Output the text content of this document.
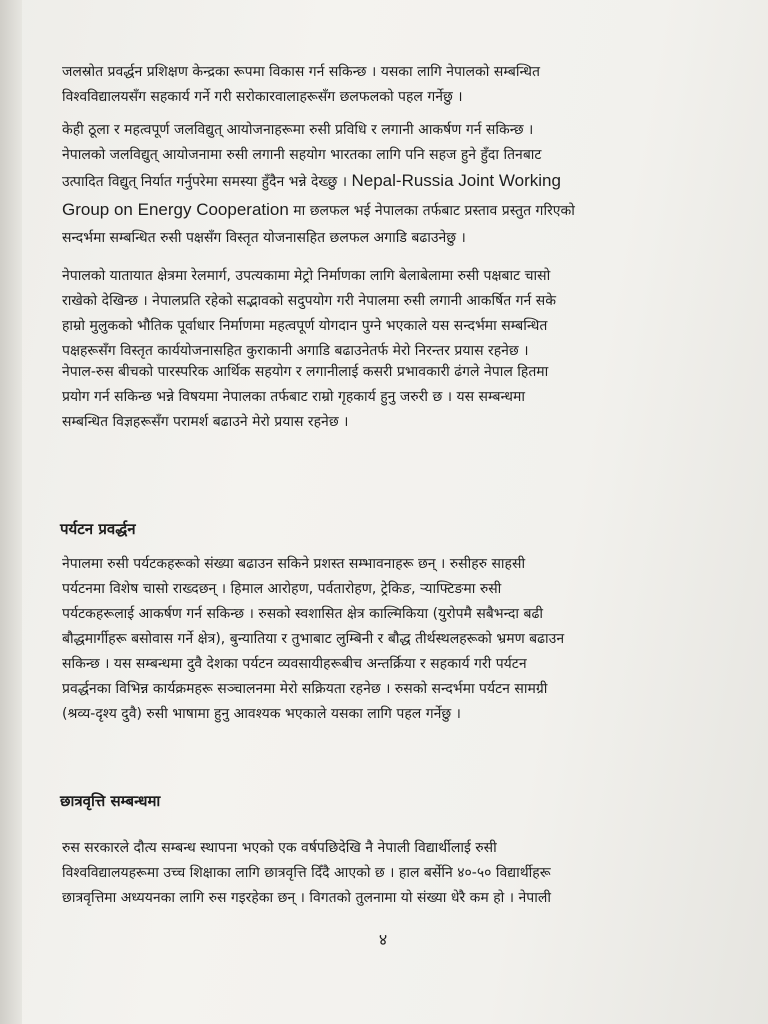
जलस्रोत प्रवर्द्धन प्रशिक्षण केन्द्रका रूपमा विकास गर्न सकिन्छ । यसका लागि नेपालको सम्बन्धित
विश्वविद्यालयसँग सहकार्य गर्ने गरी सरोकारवालाहरूसँग छलफलको पहल गर्नेछु ।
केही ठूला र महत्वपूर्ण जलविद्युत् आयोजनाहरूमा रुसी प्रविधि र लगानी आकर्षण गर्न सकिन्छ ।
नेपालको जलविद्युत् आयोजनामा रुसी लगानी सहयोग भारतका लागि पनि सहज हुने हुँदा तिनबाट
उत्पादित विद्युत् निर्यात गर्नुपरेमा समस्या हुँदैन भन्ने देख्छु । Nepal-Russia Joint Working
Group on Energy Cooperation मा छलफल भई नेपालका तर्फबाट प्रस्ताव प्रस्तुत गरिएको
सन्दर्भमा सम्बन्धित रुसी पक्षसँग विस्तृत योजनासहित छलफल अगाडि बढाउनेछु ।
नेपालको यातायात क्षेत्रमा रेलमार्ग, उपत्यकामा मेट्रो निर्माणका लागि बेलाबेलामा रुसी पक्षबाट चासो
राखेको देखिन्छ । नेपालप्रति रहेको सद्भावको सदुपयोग गरी नेपालमा रुसी लगानी आकर्षित गर्न सके
हाम्रो मुलुकको भौतिक पूर्वाधार निर्माणमा महत्वपूर्ण योगदान पुग्ने भएकाले यस सन्दर्भमा सम्बन्धित
पक्षहरूसँग विस्तृत कार्ययोजनासहित कुराकानी अगाडि बढाउनेतर्फ मेरो निरन्तर प्रयास रहनेछ ।
नेपाल-रुस बीचको पारस्परिक आर्थिक सहयोग र लगानीलाई कसरी प्रभावकारी ढंगले नेपाल हितमा
प्रयोग गर्न सकिन्छ भन्ने विषयमा नेपालका तर्फबाट राम्रो गृहकार्य हुनु जरुरी छ । यस सम्बन्धमा
सम्बन्धित विज्ञहरूसँग परामर्श बढाउने मेरो प्रयास रहनेछ ।
पर्यटन प्रवर्द्धन
नेपालमा रुसी पर्यटकहरूको संख्या बढाउन सकिने प्रशस्त सम्भावनाहरू छन् । रुसीहरु साहसी
पर्यटनमा विशेष चासो राख्दछन् । हिमाल आरोहण, पर्वतारोहण, ट्रेकिङ, ऱ्याफ्टिङमा रुसी
पर्यटकहरूलाई आकर्षण गर्न सकिन्छ । रुसको स्वशासित क्षेत्र काल्मिकिया (युरोपमै सबैभन्दा बढी
बौद्धमार्गीहरू बसोवास गर्ने क्षेत्र), बुन्यातिया र तुभाबाट लुम्बिनी र बौद्ध तीर्थस्थलहरूको भ्रमण बढाउन
सकिन्छ । यस सम्बन्धमा दुवै देशका पर्यटन व्यवसायीहरूबीच अन्तर्क्रिया र सहकार्य गरी पर्यटन
प्रवर्द्धनका विभिन्न कार्यक्रमहरू सञ्चालनमा मेरो सक्रियता रहनेछ । रुसको सन्दर्भमा पर्यटन सामग्री
(श्रव्य-दृश्य दुवै) रुसी भाषामा हुनु आवश्यक भएकाले यसका लागि पहल गर्नेछु ।
छात्रवृत्ति सम्बन्धमा
रुस सरकारले दौत्य सम्बन्ध स्थापना भएको एक वर्षपछिदेखि नै नेपाली विद्यार्थीलाई रुसी
विश्वविद्यालयहरूमा उच्च शिक्षाका लागि छात्रवृत्ति दिँदै आएको छ । हाल बर्सेनि ४०-५० विद्यार्थीहरू
छात्रवृत्तिमा अध्ययनका लागि रुस गइरहेका छन् । विगतको तुलनामा यो संख्या धेरै कम हो । नेपाली
४
